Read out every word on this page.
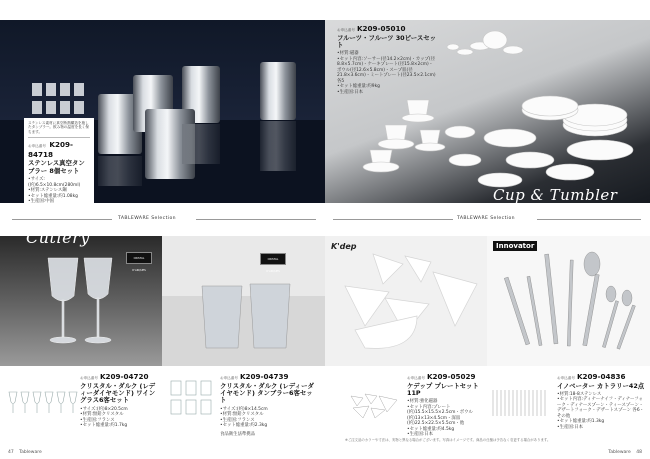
ステンレス素材に真空断熱構造を施したタンブラー。飲み物の温度を長く保ちます。
お申込番号 K209-84718
ステンレス真空タンブラー 8個セット
•サイズ:(約)6.5×10.8cm(280ml)
•材質:ステンレス鋼
•セット総重量:約1.08kg
•生産国:中国
TABLEWARE Selection
CRISTAL D'ARQUES
CRISTAL D'ARQUES
Cutlery
お申込番号 K209-04720
クリスタル・ダルク (レディーダイヤモンド) ワイングラス6客セット
•サイズ:(約)8×20.5cm
•材質:無鉛クリスタル
•生産国:フランス
•セット総重量:約1.7kg
お申込番号 K209-04739
クリスタル・ダルク (レディーダイヤモンド) タンブラー6客セット
•サイズ:(約)8×14.5cm
•材質:無鉛クリスタル
•生産国:フランス
•セット総重量:約2.3kg
食品衛生法準拠品
47 Tableware
お申込番号 K209-05010
フルーツ・フルーツ 30ピースセット
•材質:磁器
•セット内容:ソーサー(径14.2×2cm)・カップ(径8.8×5.7cm)・ケーキプレート(径15.8×2cm)・ボウル(径12.6×5.8cm)・スープ皿(径21.8×3.6cm)・ミートプレート(径23.5×2.1cm)各5
•セット総重量:約9kg
•生産国:日本
Cup & Tumbler
TABLEWARE Selection
K'dep	Innovator
お申込番号 K209-05029
ケデップ プレートセット11P
•材質:強化磁器
•セット内容:プレート(約)15.5×15.5×2.5cm・ボウル(約)13×13×4.5cm・深皿(約)22.5×22.5×5.5cm・他
•セット総重量:約4.5kg
•生産国:日本
お申込番号 K209-04836
イノベーター カトラリー42点
•材質:18-8ステンレス
•セット内容:ディナーナイフ・ディナーフォーク・ディナースプーン・ティースプーン・デザートフォーク・デザートスプーン 各6・その他
•セット総重量:約1.3kg
•生産国:日本
※ご注文品のカラーや寸法は、実物と異なる場合がございます。写真はイメージです。商品の仕様は予告なく変更する場合があります。
Tableware 48
